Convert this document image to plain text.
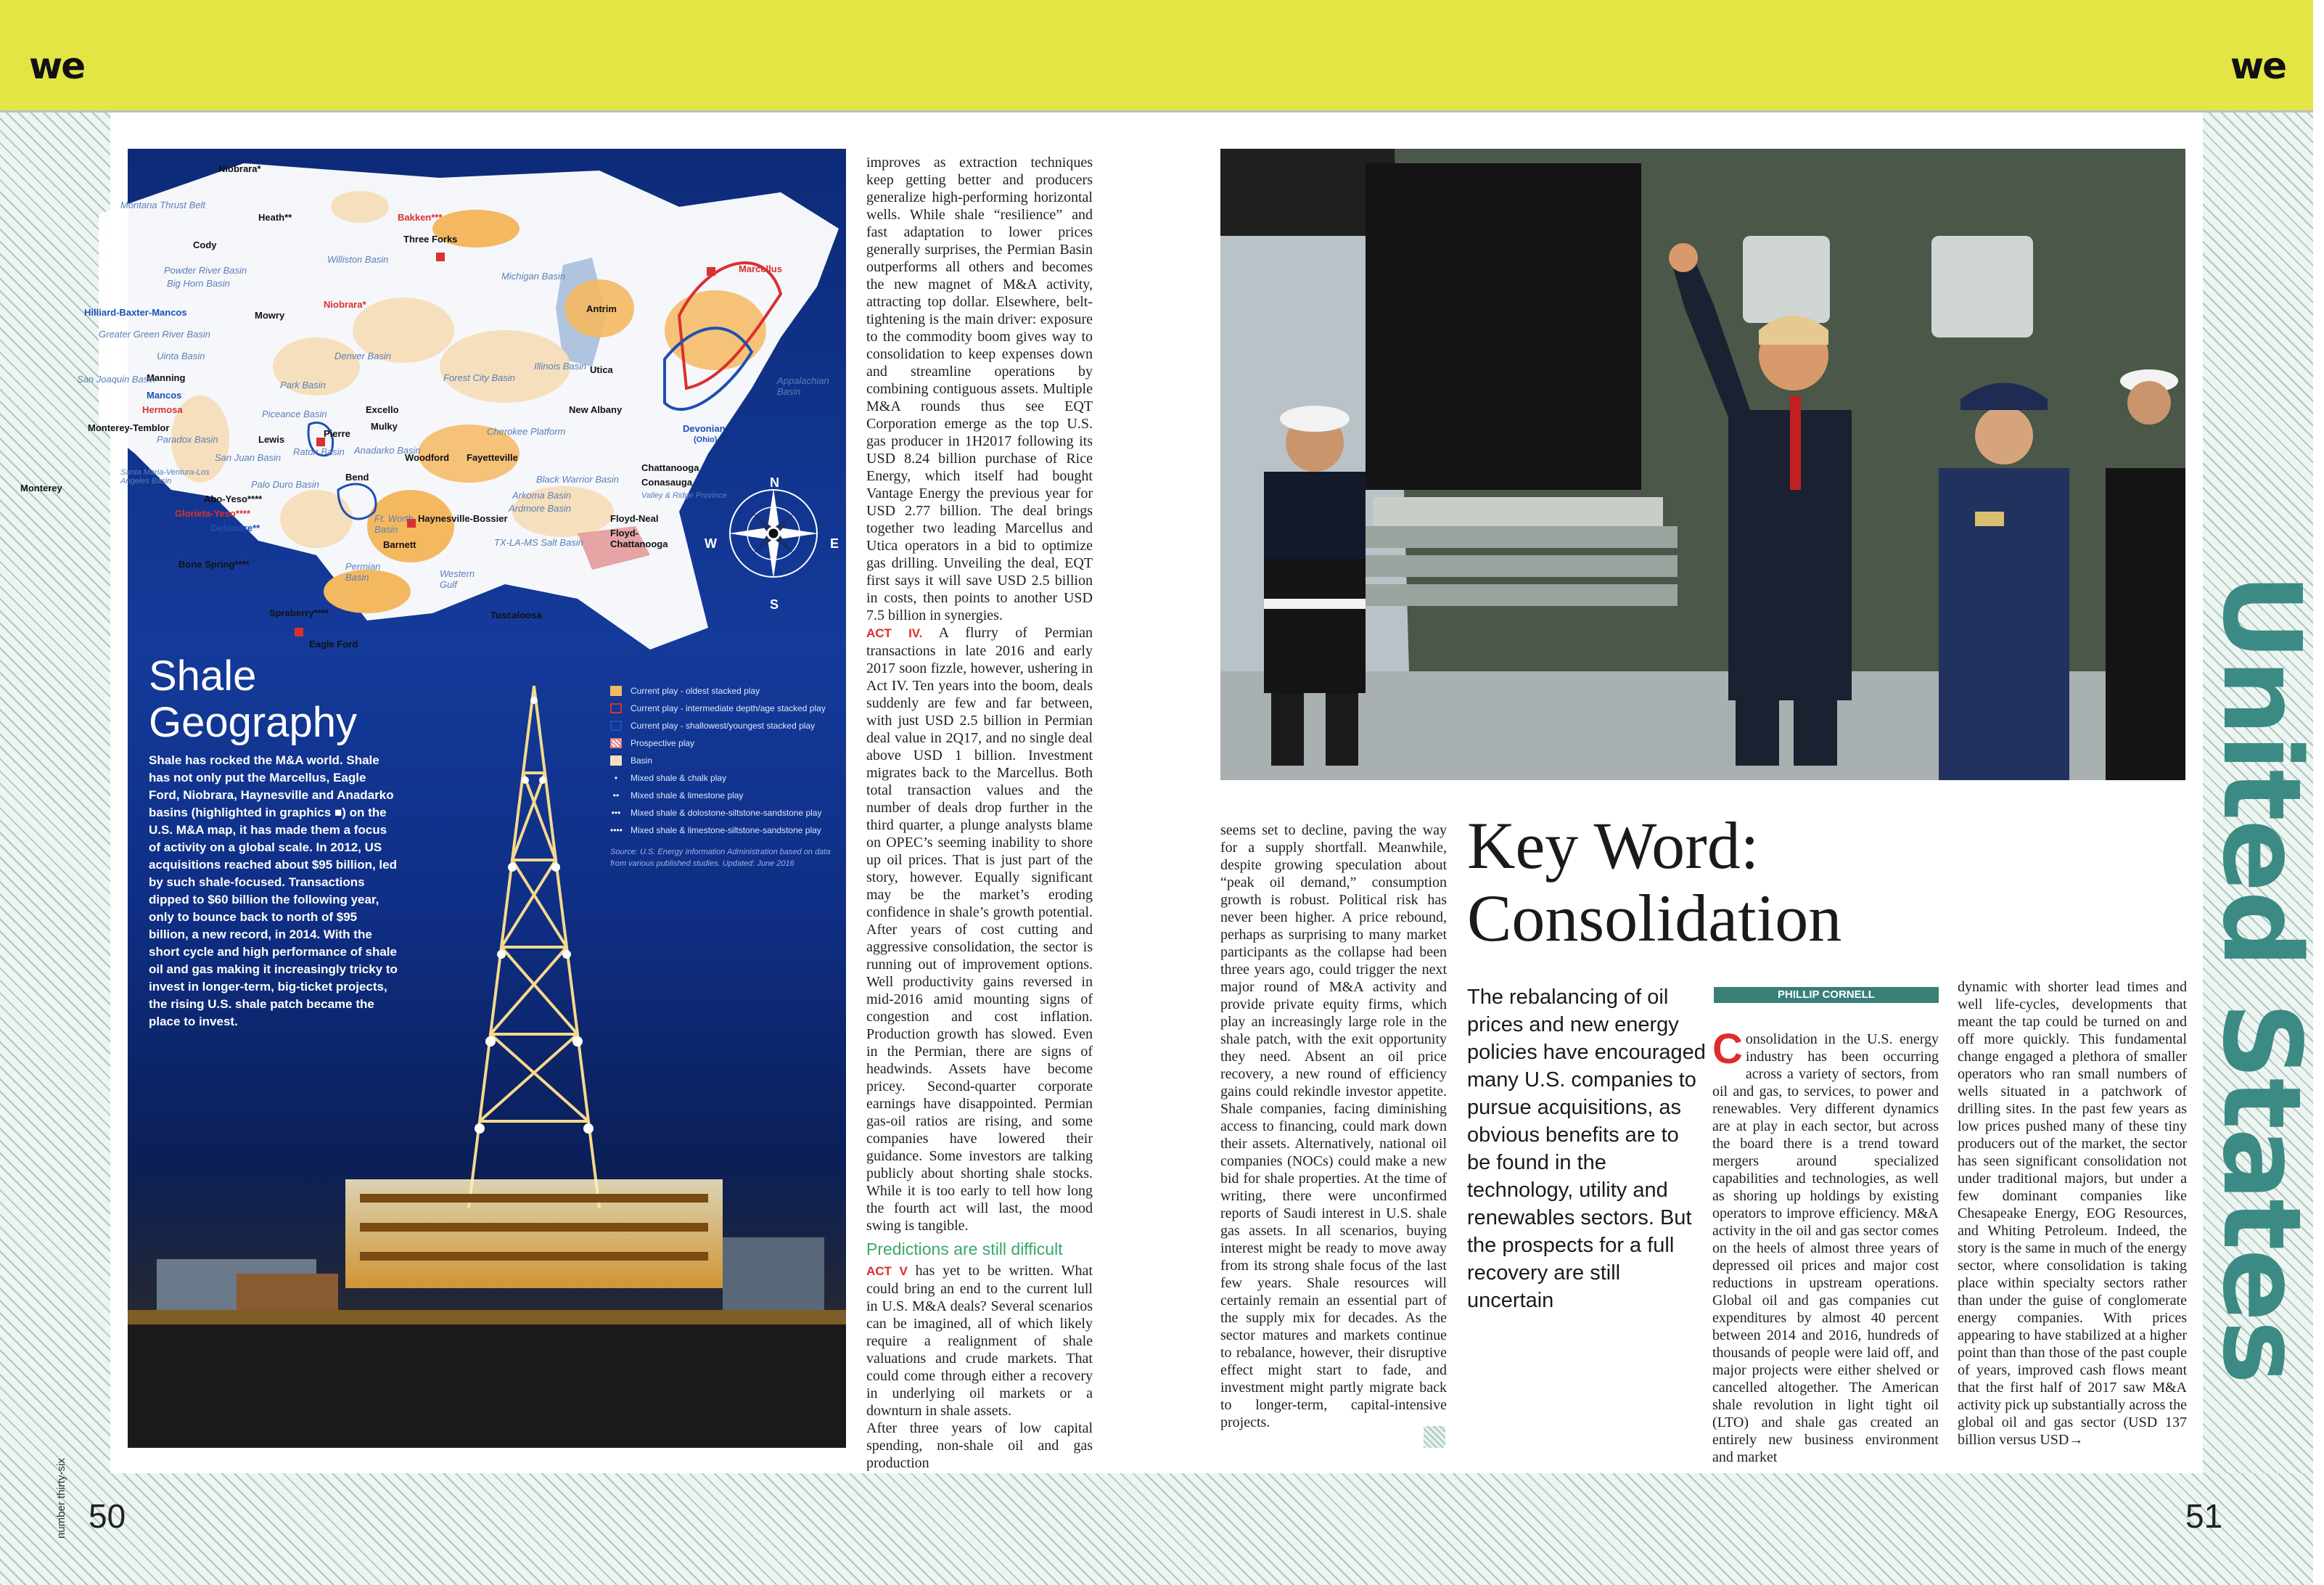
we	we
Niobrara*
Montana Thrust Belt
Heath**	Bakken***
Three Forks
Cody
Williston Basin
Powder River Basin
Big Horn Basin
Michigan Basin
Antrim
Marcellus
Hilliard-Baxter-Mancos	Mowry
Niobrara*
Greater Green River Basin
Uinta Basin	Denver Basin
Utica
Manning
Mancos
Hermosa
Park Basin
Forest City Basin
Illinois Basin
New Albany
Appalachian Basin
San Joaquin Basin
Monterey-Temblor
Paradox Basin	Lewis
Piceance Basin	Excello
Mulky
Pierre
Raton Basin Anadarko Basin
Woodford Fayetteville
Cherokee Platform	Devonian
(Ohio)
Santa Maria-Ventura-Los Angeles Basin
San Juan Basin
Bend
Arkoma Basin
Ardmore Basin
Black Warrior Basin
Chattanooga
Conasauga
Valley & Ridge Province
Monterey	Palo Duro Basin
Abo-Yeso****
Glorieta-Yeso****
Delaware**
Ft. Worth Basin
Haynesville-Bossier	Floyd-Neal
Floyd-Chattanooga
Barnett	TX-LA-MS Salt Basin
Bone Spring****	Permian Basin	Western Gulf
Spraberry****	Tuscaloosa
Eagle Ford
N
S
E
W
Current play - oldest stacked play
Current play - intermediate depth/age stacked play
Current play - shallowest/youngest stacked play
Prospective play
Basin
•	Mixed shale & chalk play
••	Mixed shale & limestone play
••• Mixed shale & dolostone-siltstone-sandstone play
•••• Mixed shale & limestone-siltstone-sandstone play
Source: U.S. Energy Information Administration based on data from various published studies. Updated: June 2016
Shale
Geography
Shale has rocked the M&A world. Shale has not only put the Marcellus, Eagle Ford, Niobrara, Haynesville and Anadarko basins (highlighted in graphics ■) on the U.S. M&A map, it has made them a focus of activity on a global scale. In 2012, US acquisitions reached about $95 billion, led by such shale-focused. Transactions dipped to $60 billion the following year, only to bounce back to north of $95 billion, a new record, in 2014. With the short cycle and high performance of shale oil and gas making it increasingly tricky to invest in longer-term, big-ticket projects, the rising U.S. shale patch became the place to invest.

improves as extraction techniques keep getting better and producers generalize high-performing horizontal wells. While shale “resilience” and fast adaptation to lower prices generally surprises, the Permian Basin outperforms all others and becomes the new magnet of M&A activity, attracting top dollar. Elsewhere, belt-tightening is the main driver: exposure to the commodity boom gives way to consolidation to keep expenses down and streamline operations by combining contiguous assets. Multiple M&A rounds thus see EQT Corporation emerge as the top U.S. gas producer in 1H2017 following its USD 8.24 billion purchase of Rice Energy, which itself had bought Vantage Energy the previous year for USD 2.77 billion. The deal brings together two leading Marcellus and Utica operators in a bid to optimize gas drilling. Unveiling the deal, EQT first says it will save USD 2.5 billion in costs, then points to another USD 7.5 billion in synergies.

ACT IV. A flurry of Permian transactions in late 2016 and early 2017 soon fizzle, however, ushering in Act IV. Ten years into the boom, deals suddenly are few and far between, with just USD 2.5 billion in Permian deal value in 2Q17, and no single deal above USD 1 billion. Investment migrates back to the Marcellus. Both total transaction values and the number of deals drop further in the third quarter, a plunge analysts blame on OPEC’s seeming inability to shore up oil prices. That is just part of the story, however. Equally significant may be the market’s eroding confidence in shale’s growth potential. After years of cost cutting and aggressive consolidation, the sector is running out of improvement options. Well productivity gains reversed in mid-2016 amid mounting signs of congestion and cost inflation. Production growth has slowed. Even in the Permian, there are signs of headwinds. Assets have become pricey. Second-quarter corporate earnings have disappointed. Permian gas-oil ratios are rising, and some companies have lowered their guidance. Some investors are talking publicly about shorting shale stocks. While it is too early to tell how long the fourth act will last, the mood swing is tangible.

Predictions are still difficult

ACT V has yet to be written. What could bring an end to the current lull in U.S. M&A deals? Several scenarios can be imagined, all of which likely require a realignment of shale valuations and crude markets. That could come through either a recovery in underlying oil markets or a downturn in shale assets.

After three years of low capital spending, non-shale oil and gas production

number thirty-six 50
Key Word:
Consolidation
The rebalancing of oil prices and new energy policies have encouraged many U.S. companies to pursue acquisitions, as obvious benefits are to be found in the technology, utility and renewables sectors. But the prospects for a full recovery are still uncertain
seems set to decline, paving the way for a supply shortfall. Meanwhile, despite growing speculation about “peak oil demand,” consumption growth is robust. Political risk has never been higher. A price rebound, perhaps as surprising to many market participants as the collapse had been three years ago, could trigger the next major round of M&A activity and provide private equity firms, which play an increasingly large role in the shale patch, with the exit opportunity they need. Absent an oil price recovery, a new round of efficiency gains could rekindle investor appetite. Shale companies, facing diminishing access to financing, could mark down their assets. Alternatively, national oil companies (NOCs) could make a new bid for shale properties. At the time of writing, there were unconfirmed reports of Saudi interest in U.S. shale gas assets. In all scenarios, buying interest might be ready to move away from its strong shale focus of the last few years. Shale resources will certainly remain an essential part of the supply mix for decades. As the sector matures and markets continue to rebalance, however, their disruptive effect might start to fade, and investment might partly migrate back to longer-term, capital-intensive projects.
PHILLIP CORNELL
Consolidation in the U.S. energy industry has been occurring across a variety of sectors, from oil and gas, to services, to power and renewables. Very different dynamics are at play in each sector, but across the board there is a trend toward mergers around specialized capabilities and technologies, as well as shoring up holdings by existing operators to improve efficiency. M&A activity in the oil and gas sector comes on the heels of almost three years of depressed oil prices and major cost reductions in upstream operations. Global oil and gas companies cut expenditures by almost 40 percent between 2014 and 2016, hundreds of thousands of people were laid off, and major projects were either shelved or cancelled altogether. The American shale revolution in light tight oil (LTO) and shale gas created an entirely new business environment and market
dynamic with shorter lead times and well life-cycles, developments that meant the tap could be turned on and off more quickly. This fundamental change engaged a plethora of smaller operators who ran small numbers of wells situated in a patchwork of drilling sites. In the past few years as low prices pushed many of these tiny producers out of the market, the sector has seen significant consolidation not under traditional majors, but under a few dominant companies like Chesapeake Energy, EOG Resources, and Whiting Petroleum. Indeed, the story is the same in much of the energy sector, where consolidation is taking place within specialty sectors rather than under the guise of conglomerate energy companies. With prices appearing to have stabilized at a higher point than than those of the past couple of years, improved cash flows meant that the first half of 2017 saw M&A activity pick up substantially across the global oil and gas sector (USD 137 billion versus USD→
United States
51
